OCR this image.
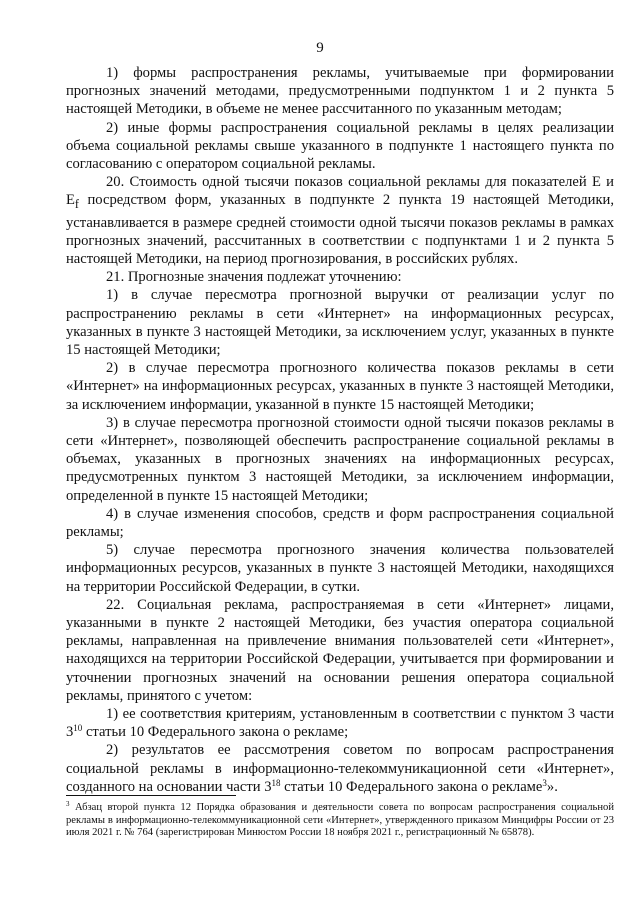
9

1) формы распространения рекламы, учитываемые при формировании прогнозных значений методами, предусмотренными подпунктом 1 и 2 пункта 5 настоящей Методики, в объеме не менее рассчитанного по указанным методам;

2) иные формы распространения социальной рекламы в целях реализации объема социальной рекламы свыше указанного в подпункте 1 настоящего пункта по согласованию с оператором социальной рекламы.

20. Стоимость одной тысячи показов социальной рекламы для показателей E и $E_f$ посредством форм, указанных в подпункте 2 пункта 19 настоящей Методики, устанавливается в размере средней стоимости одной тысячи показов рекламы в рамках прогнозных значений, рассчитанных в соответствии с подпунктами 1 и 2 пункта 5 настоящей Методики, на период прогнозирования, в российских рублях.

21. Прогнозные значения подлежат уточнению:

1) в случае пересмотра прогнозной выручки от реализации услуг по распространению рекламы в сети «Интернет» на информационных ресурсах, указанных в пункте 3 настоящей Методики, за исключением услуг, указанных в пункте 15 настоящей Методики;

2) в случае пересмотра прогнозного количества показов рекламы в сети «Интернет» на информационных ресурсах, указанных в пункте 3 настоящей Методики, за исключением информации, указанной в пункте 15 настоящей Методики;

3) в случае пересмотра прогнозной стоимости одной тысячи показов рекламы в сети «Интернет», позволяющей обеспечить распространение социальной рекламы в объемах, указанных в прогнозных значениях на информационных ресурсах, предусмотренных пунктом 3 настоящей Методики, за исключением информации, определенной в пункте 15 настоящей Методики;

4) в случае изменения способов, средств и форм распространения социальной рекламы;

5) случае пересмотра прогнозного значения количества пользователей информационных ресурсов, указанных в пункте 3 настоящей Методики, находящихся на территории Российской Федерации, в сутки.

22. Социальная реклама, распространяемая в сети «Интернет» лицами, указанными в пункте 2 настоящей Методики, без участия оператора социальной рекламы, направленная на привлечение внимания пользователей сети «Интернет», находящихся на территории Российской Федерации, учитывается при формировании и уточнении прогнозных значений на основании решения оператора социальной рекламы, принятого с учетом:

1) ее соответствия критериям, установленным в соответствии с пунктом 3 части $3^{10}$ статьи 10 Федерального закона о рекламе;

2) результатов ее рассмотрения советом по вопросам распространения социальной рекламы в информационно-телекоммуникационной сети «Интернет», созданного на основании части $3^{18}$ статьи 10 Федерального закона о рекламе$^3$».

$^3$ Абзац второй пункта 12 Порядка образования и деятельности совета по вопросам распространения социальной рекламы в информационно-телекоммуникационной сети «Интернет», утвержденного приказом Минцифры России от 23 июля 2021 г. № 764 (зарегистрирован Минюстом России 18 ноября 2021 г., регистрационный № 65878).
